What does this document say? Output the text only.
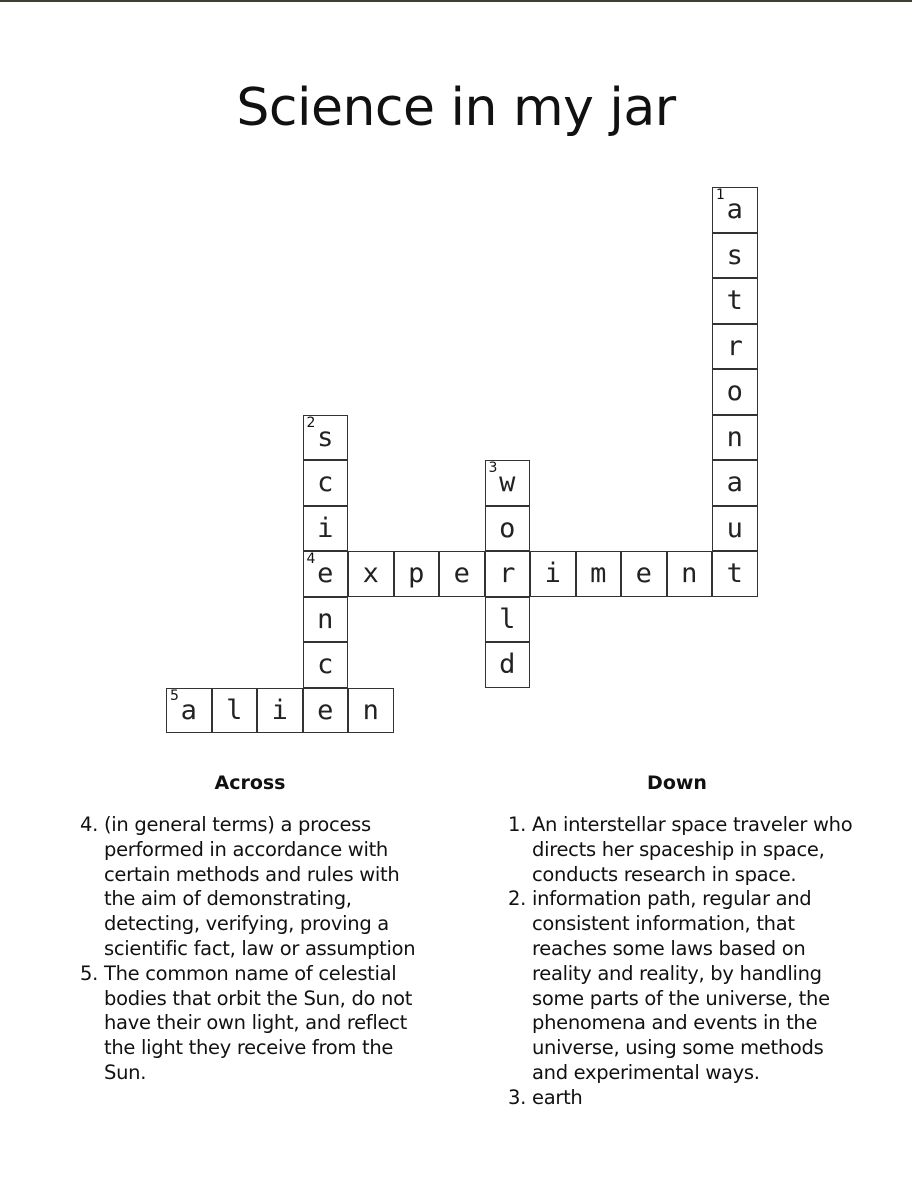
Science in my jar
1 a
s
t
r
o
n
a
u
t
2 s
c
i
4 e
n
c
e
3 w
o
r
l
d
x p e	i m e n
5 a l i	n
Across	Down
4. (in general terms) a process performed in accordance with certain methods and rules with the aim of demonstrating, detecting, verifying, proving a scientific fact, law or assumption
5. The common name of celestial bodies that orbit the Sun, do not have their own light, and reflect the light they receive from the Sun.
1. An interstellar space traveler who directs her spaceship in space, conducts research in space.
2. information path, regular and consistent information, that reaches some laws based on reality and reality, by handling some parts of the universe, the phenomena and events in the universe, using some methods and experimental ways.
3. earth
